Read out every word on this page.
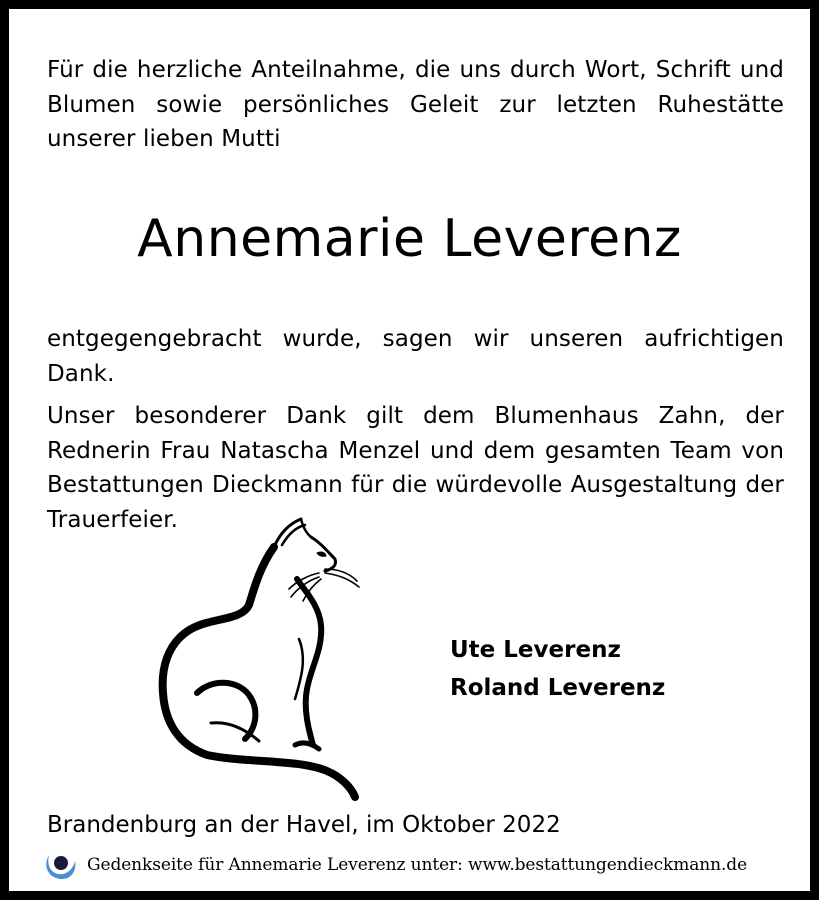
Für die herzliche Anteilnahme, die uns durch Wort, Schrift und Blumen sowie persönliches Geleit zur letzten Ruhestätte unserer lieben Mutti

Annemarie Leverenz

entgegengebracht wurde, sagen wir unseren aufrichtigen Dank.

Unser besonderer Dank gilt dem Blumenhaus Zahn, der Rednerin Frau Natascha Menzel und dem gesamten Team von Bestattungen Dieckmann für die würdevolle Ausgestaltung der Trauerfeier.

Ute Leverenz
Roland Leverenz
Brandenburg an der Havel, im Oktober 2022
Gedenkseite für Annemarie Leverenz unter: www.bestattungendieckmann.de
